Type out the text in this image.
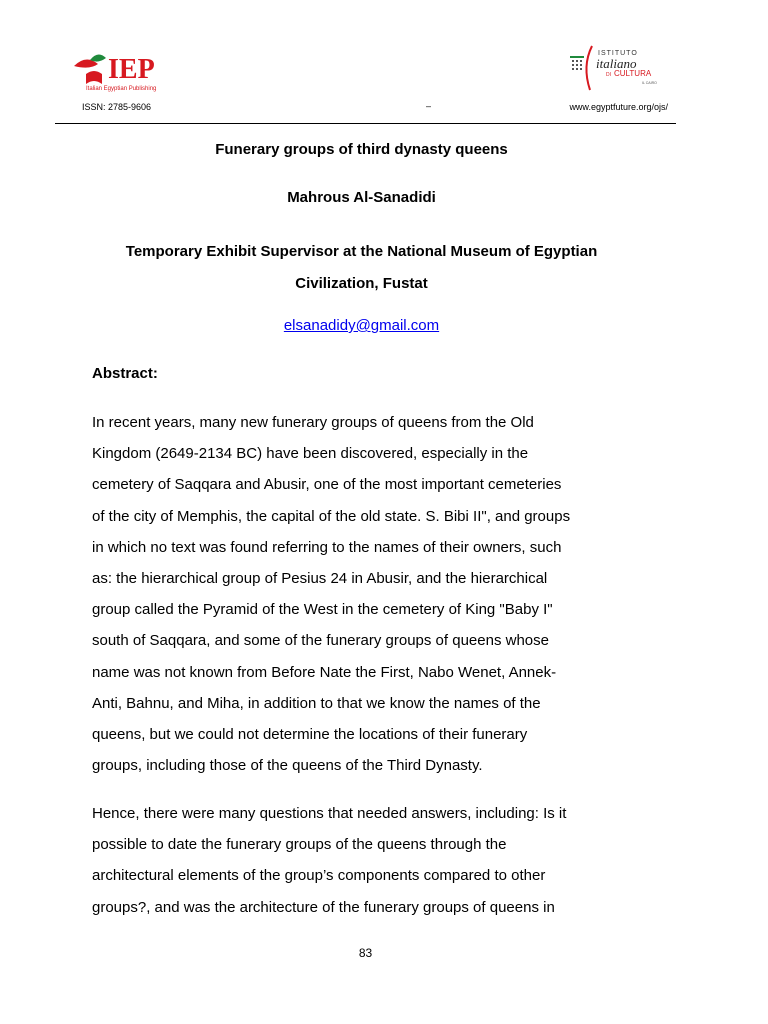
IEP
Italian Egyptian Publishing
ISTITUTO
italiano
DI CULTURA
IL CAIRO
ISSN: 2785-9606	–	www.egyptfuture.org/ojs/
Funerary groups of third dynasty queens
Mahrous Al-Sanadidi
Temporary Exhibit Supervisor at the National Museum of Egyptian
Civilization, Fustat
elsanadidy@gmail.com
Abstract:

In recent years, many new funerary groups of queens from the Old
Kingdom (2649-2134 BC) have been discovered, especially in the
cemetery of Saqqara and Abusir, one of the most important cemeteries
of the city of Memphis, the capital of the old state. S. Bibi II", and groups
in which no text was found referring to the names of their owners, such
as: the hierarchical group of Pesius 24 in Abusir, and the hierarchical
group called the Pyramid of the West in the cemetery of King "Baby I"
south of Saqqara, and some of the funerary groups of queens whose
name was not known from Before Nate the First, Nabo Wenet, Annek-
Anti, Bahnu, and Miha, in addition to that we know the names of the
queens, but we could not determine the locations of their funerary
groups, including those of the queens of the Third Dynasty.

Hence, there were many questions that needed answers, including: Is it
possible to date the funerary groups of the queens through the
architectural elements of the group’s components compared to other
groups?, and was the architecture of the funerary groups of queens in

83
